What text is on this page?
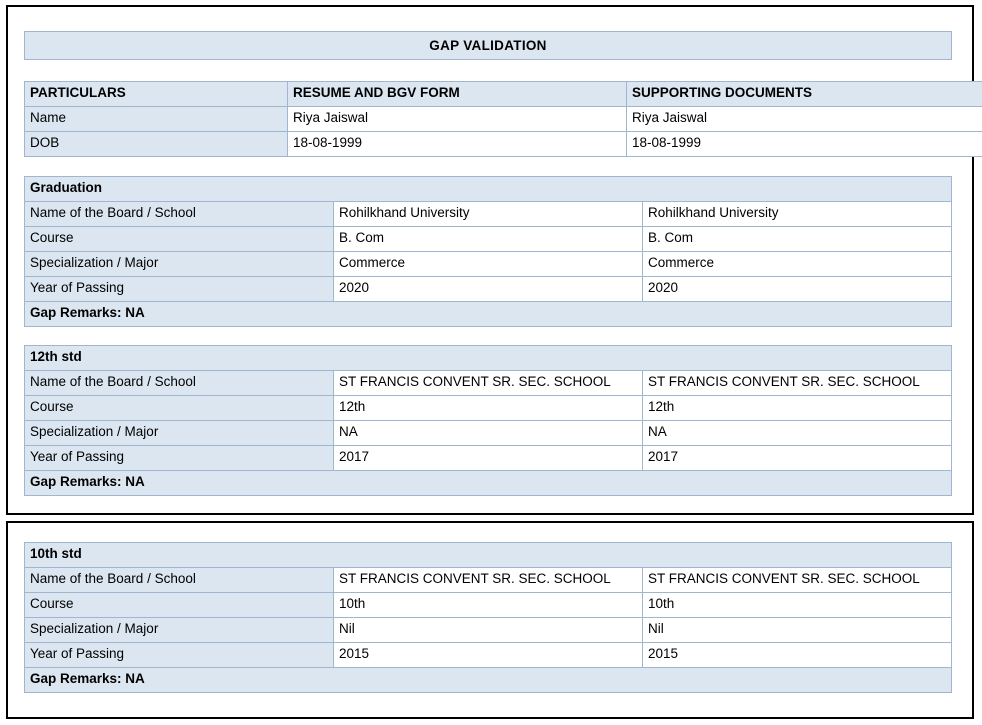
GAP VALIDATION
PARTICULARS	RESUME AND BGV FORM	SUPPORTING DOCUMENTS
Name	Riya Jaiswal	Riya Jaiswal
DOB	18-08-1999	18-08-1999
Graduation		
Name of the Board / School	Rohilkhand University	Rohilkhand University
Course	B. Com	B. Com
Specialization / Major	Commerce	Commerce
Year of Passing	2020	2020
Gap Remarks: NA		
12th std		
Name of the Board / School	ST FRANCIS CONVENT SR. SEC. SCHOOL	ST FRANCIS CONVENT SR. SEC. SCHOOL
Course	12th	12th
Specialization / Major	NA	NA
Year of Passing	2017	2017
Gap Remarks: NA		
10th std		
Name of the Board / School	ST FRANCIS CONVENT SR. SEC. SCHOOL	ST FRANCIS CONVENT SR. SEC. SCHOOL
Course	10th	10th
Specialization / Major	Nil	Nil
Year of Passing	2015	2015
Gap Remarks: NA		
